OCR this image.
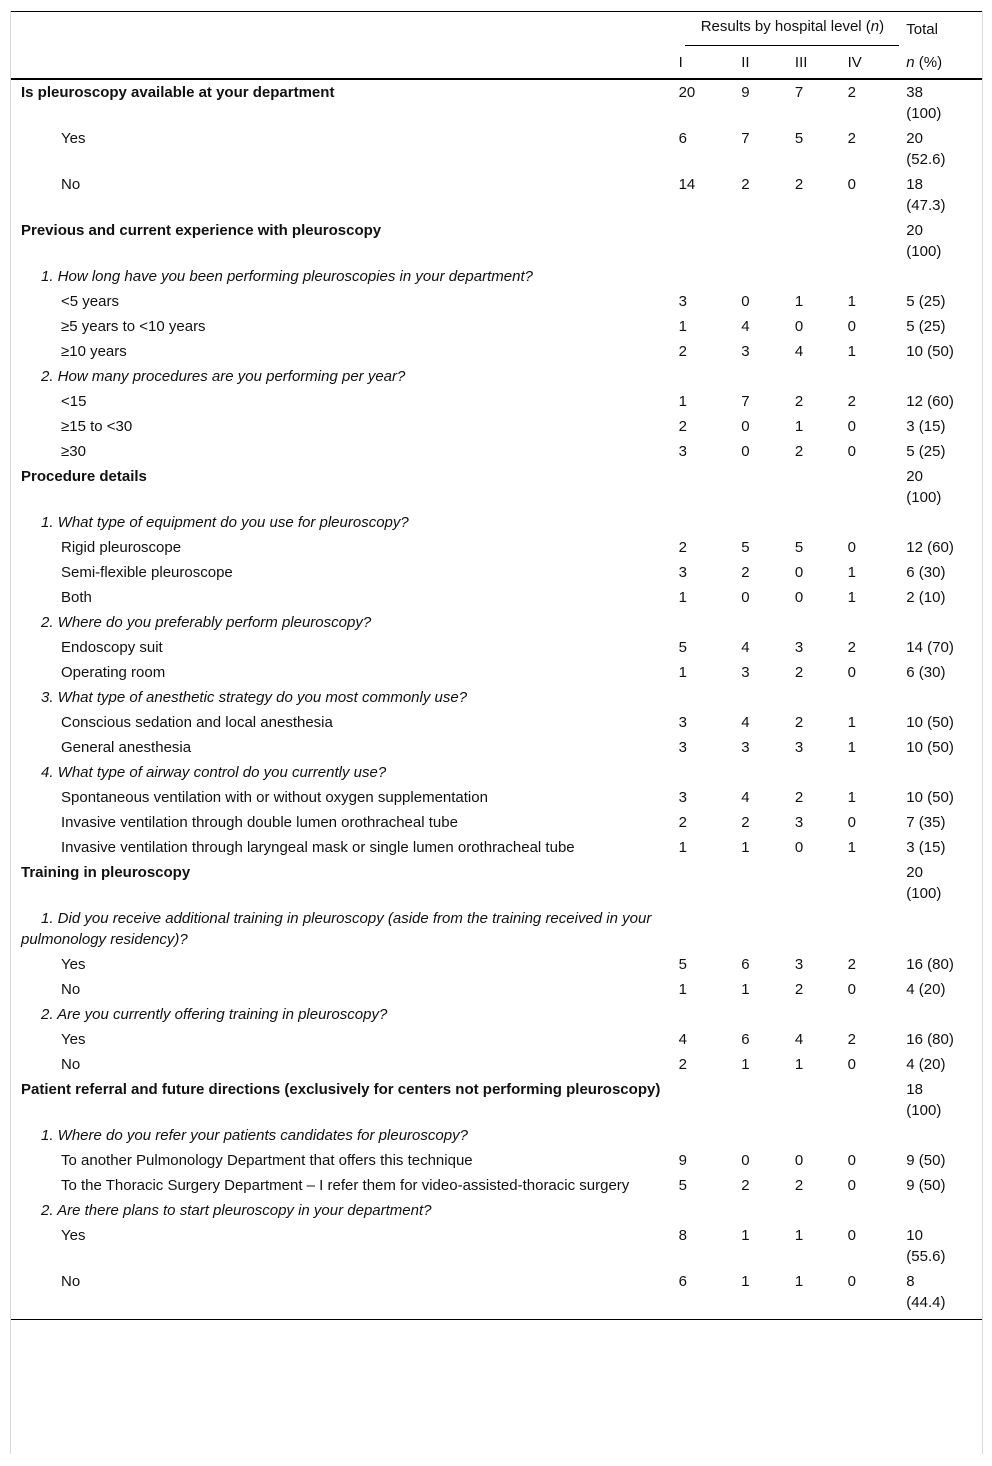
	Results by hospital level (n)				Total
	I	II	III	IV	n (%)
Is pleuroscopy available at your department	20	9	7	2	38 (100)
Yes	6	7	5	2	20 (52.6)
No	14	2	2	0	18 (47.3)
Previous and current experience with pleuroscopy					20 (100)
1. How long have you been performing pleuroscopies in your department?					
<5 years	3	0	1	1	5 (25)
≥5 years to <10 years	1	4	0	0	5 (25)
≥10 years	2	3	4	1	10 (50)
2. How many procedures are you performing per year?					
<15	1	7	2	2	12 (60)
≥15 to <30	2	0	1	0	3 (15)
≥30	3	0	2	0	5 (25)
Procedure details					20 (100)
1. What type of equipment do you use for pleuroscopy?					
Rigid pleuroscope	2	5	5	0	12 (60)
Semi-flexible pleuroscope	3	2	0	1	6 (30)
Both	1	0	0	1	2 (10)
2. Where do you preferably perform pleuroscopy?					
Endoscopy suit	5	4	3	2	14 (70)
Operating room	1	3	2	0	6 (30)
3. What type of anesthetic strategy do you most commonly use?					
Conscious sedation and local anesthesia	3	4	2	1	10 (50)
General anesthesia	3	3	3	1	10 (50)
4. What type of airway control do you currently use?					
Spontaneous ventilation with or without oxygen supplementation	3	4	2	1	10 (50)
Invasive ventilation through double lumen orothracheal tube	2	2	3	0	7 (35)
Invasive ventilation through laryngeal mask or single lumen orothracheal tube	1	1	0	1	3 (15)
Training in pleuroscopy					20 (100)
1. Did you receive additional training in pleuroscopy (aside from the training received in your pulmonology residency)?					
Yes	5	6	3	2	16 (80)
No	1	1	2	0	4 (20)
2. Are you currently offering training in pleuroscopy?					
Yes	4	6	4	2	16 (80)
No	2	1	1	0	4 (20)
Patient referral and future directions (exclusively for centers not performing pleuroscopy)					18 (100)
1. Where do you refer your patients candidates for pleuroscopy?					
To another Pulmonology Department that offers this technique	9	0	0	0	9 (50)
To the Thoracic Surgery Department – I refer them for video-assisted-thoracic surgery	5	2	2	0	9 (50)
2. Are there plans to start pleuroscopy in your department?					
Yes	8	1	1	0	10 (55.6)
No	6	1	1	0	8 (44.4)
